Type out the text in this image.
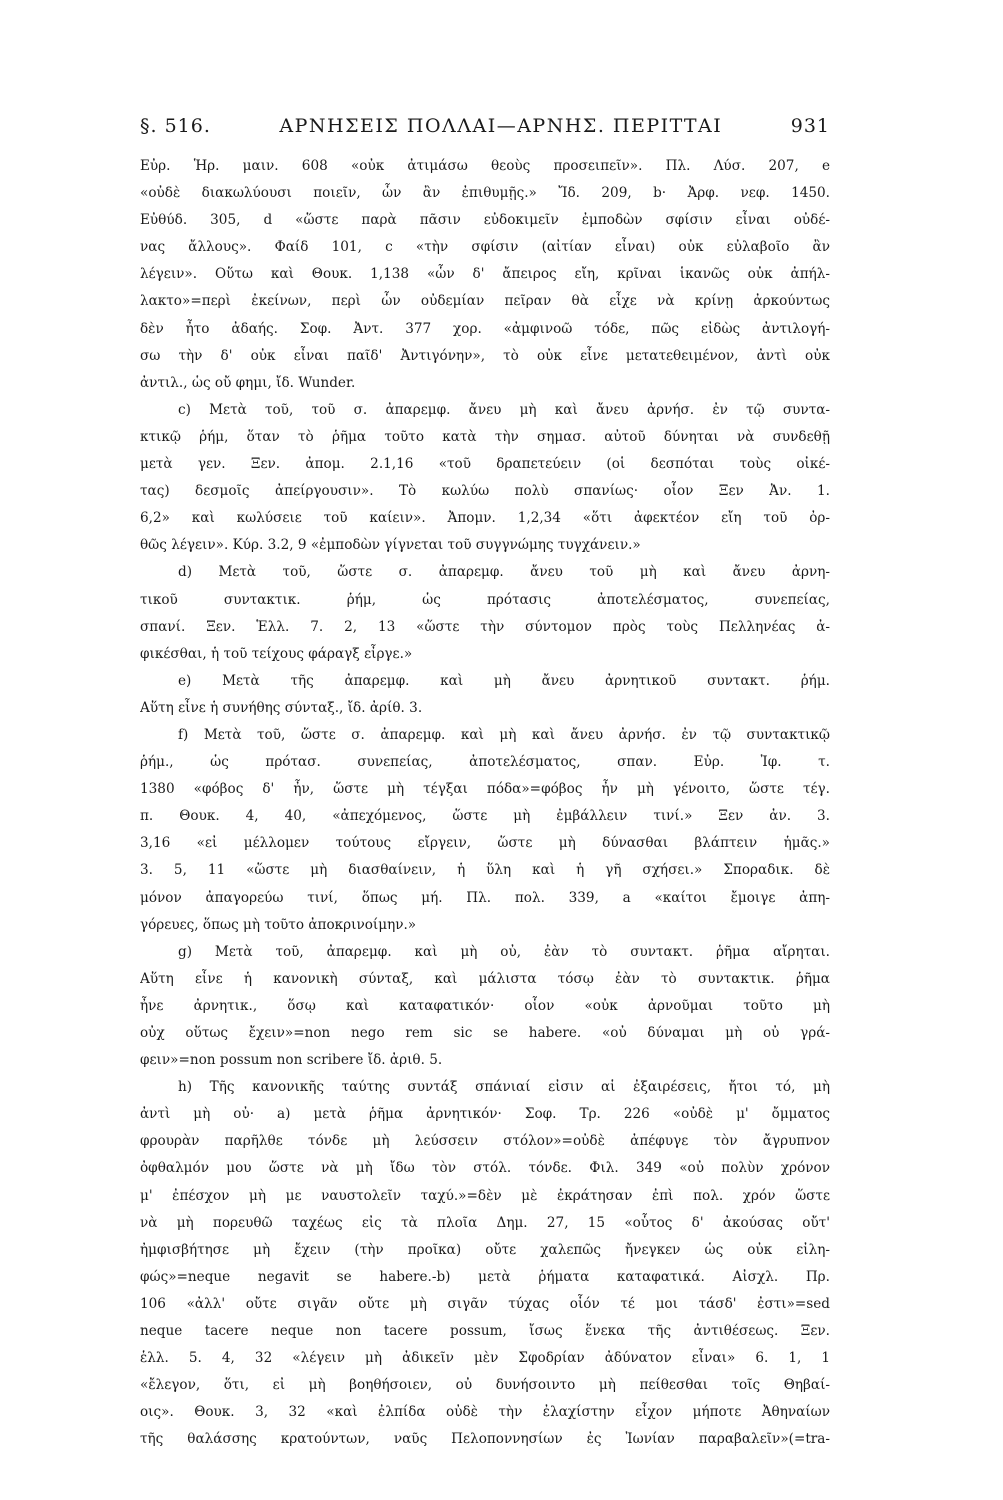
§. 516.	ΑΡΝΗΣΕΙΣ ΠΟΛΛΑΙ—ΑΡΝΗΣ. ΠΕΡΙΤΤΑΙ	931
Εὐρ. Ἡρ. μαιν. 608 «οὐκ ἀτιμάσω θεοὺς προσειπεῖν». Πλ. Λύσ. 207, e
«οὐδὲ διακωλύουσι ποιεῖν, ὧν ἂν ἐπιθυμῇς.» Ἴδ. 209, b· Ἀρφ. νεφ. 1450.
Εὐθύδ. 305, d «ὥστε παρὰ πᾶσιν εὐδοκιμεῖν ἐμποδὼν σφίσιν εἶναι οὐδέ-
νας ἄλλους». Φαίδ 101, c «τὴν σφίσιν (αἰτίαν εἶναι) οὐκ εὐλαβοῖο ἂν
λέγειν». Οὕτω καὶ Θουκ. 1,138 «ὧν δ' ἄπειρος εἴη, κρῖναι ἱκανῶς οὐκ ἀπήλ-
λακτο»=περὶ ἐκείνων, περὶ ὧν οὐδεμίαν πεῖραν θὰ εἶχε νὰ κρίνῃ ἀρκούντως
δὲν ἦτο ἀδαής. Σοφ. Ἀντ. 377 χορ. «ἀμφινοῶ τόδε, πῶς εἰδὼς ἀντιλογή-
σω τὴν δ' οὐκ εἶναι παῖδ' Ἀντιγόνην», τὸ οὐκ εἶνε μετατεθειμένον, ἀντὶ οὐκ
ἀντιλ., ὡς οὔ φημι, ἴδ. Wunder.
c) Μετὰ τοῦ, τοῦ σ. ἀπαρεμφ. ἄνευ μὴ καὶ ἄνευ ἀρνήσ. ἐν τῷ συντα-
κτικῷ ῥήμ, ὅταν τὸ ῥῆμα τοῦτο κατὰ τὴν σημασ. αὐτοῦ δύνηται νὰ συνδεθῇ
μετὰ γεν. Ξεν. ἀπομ. 2.1,16 «τοῦ δραπετεύειν (οἱ δεσπόται τοὺς οἰκέ-
τας) δεσμοῖς ἀπείργουσιν». Τὸ κωλύω πολὺ σπανίως· οἷον Ξεν Ἀν. 1.
6,2» καὶ κωλύσειε τοῦ καίειν». Ἀπομν. 1,2,34 «ὅτι ἀφεκτέον εἴη τοῦ ὀρ-
θῶς λέγειν». Κύρ. 3.2, 9 «ἐμποδὼν γίγνεται τοῦ συγγνώμης τυγχάνειν.»
d) Μετὰ τοῦ, ὥστε σ. ἀπαρεμφ. ἄνευ τοῦ μὴ καὶ ἄνευ ἀρνη-
τικοῦ συντακτικ. ῥήμ, ὡς πρότασις ἀποτελέσματος, συνεπείας,
σπανί. Ξεν. Ἑλλ. 7. 2, 13 «ὥστε τὴν σύντομον πρὸς τοὺς Πελληνέας ἀ-
φικέσθαι, ἡ τοῦ τείχους φάραγξ εἶργε.»
e) Μετὰ τῆς ἀπαρεμφ. καὶ μὴ ἄνευ ἀρνητικοῦ συντακτ. ῥήμ.
Αὕτη εἶνε ἡ συνήθης σύνταξ., ἴδ. ἀρίθ. 3.
f) Μετὰ τοῦ, ὥστε σ. ἀπαρεμφ. καὶ μὴ καὶ ἄνευ ἀρνήσ. ἐν τῷ συντακτικῷ
ῥήμ., ὡς πρότασ. συνεπείας, ἀποτελέσματος, σπαν. Εὐρ. Ἰφ. τ.
1380 «φόβος δ' ἦν, ὥστε μὴ τέγξαι πόδα»=φόβος ἦν μὴ γένοιτο, ὥστε τέγ.
π. Θουκ. 4, 40, «ἀπεχόμενος, ὥστε μὴ ἐμβάλλειν τινί.» Ξεν ἀν. 3.
3,16 «εἰ μέλλομεν τούτους εἴργειν, ὥστε μὴ δύνασθαι βλάπτειν ἡμᾶς.»
3. 5, 11 «ὥστε μὴ διασθαίνειν, ἡ ὕλη καὶ ἡ γῆ σχήσει.» Σποραδικ. δὲ
μόνον ἀπαγορεύω τινί, ὅπως μή. Πλ. πολ. 339, a «καίτοι ἔμοιγε ἀπη-
γόρευες, ὅπως μὴ τοῦτο ἀποκρινοίμην.»
g) Μετὰ τοῦ, ἀπαρεμφ. καὶ μὴ οὐ, ἐὰν τὸ συντακτ. ῥῆμα αἴρηται.
Αὕτη εἶνε ἡ κανονικὴ σύνταξ, καὶ μάλιστα τόσῳ ἐὰν τὸ συντακτικ. ῥῆμα
ἦνε ἀρνητικ., ὅσῳ καὶ καταφατικόν· οἷον «οὐκ ἀρνοῦμαι τοῦτο μὴ
οὐχ οὕτως ἔχειν»=non nego rem sic se habere. «οὐ δύναμαι μὴ οὐ γρά-
φειν»=non possum non scribere ἴδ. ἀριθ. 5.
h) Τῆς κανονικῆς ταύτης συντάξ σπάνιαί εἰσιν αἱ ἐξαιρέσεις, ἤτοι τό, μὴ
ἀντὶ μὴ οὐ· a) μετὰ ῥῆμα ἀρνητικόν· Σοφ. Τρ. 226 «οὐδὲ μ' ὄμματος
φρουρὰν παρῆλθε τόνδε μὴ λεύσσειν στόλον»=οὐδὲ ἀπέφυγε τὸν ἄγρυπνον
ὀφθαλμόν μου ὥστε νὰ μὴ ἴδω τὸν στόλ. τόνδε. Φιλ. 349 «οὐ πολὺν χρόνον
μ' ἐπέσχον μὴ με ναυστολεῖν ταχύ.»=δὲν μὲ ἐκράτησαν ἐπὶ πολ. χρόν ὥστε
νὰ μὴ πορευθῶ ταχέως εἰς τὰ πλοῖα Δημ. 27, 15 «οὗτος δ' ἀκούσας οὔτ'
ἠμφισβήτησε μὴ ἔχειν (τὴν προῖκα) οὔτε χαλεπῶς ἤνεγκεν ὡς οὐκ εἰλη-
φώς»=neque negavit se habere.-b) μετὰ ῥήματα καταφατικά. Αἰσχλ. Πρ.
106 «ἀλλ' οὔτε σιγᾶν οὔτε μὴ σιγᾶν τύχας οἷόν τέ μοι τάσδ' ἐστι»=sed
neque tacere neque non tacere possum, ἴσως ἕνεκα τῆς ἀντιθέσεως. Ξεν.
ἑλλ. 5. 4, 32 «λέγειν μὴ ἀδικεῖν μὲν Σφοδρίαν ἀδύνατον εἶναι» 6. 1, 1
«ἔλεγον, ὅτι, εἰ μὴ βοηθήσοιεν, οὐ δυνήσοιντο μὴ πείθεσθαι τοῖς Θηβαί-
οις». Θουκ. 3, 32 «καὶ ἐλπίδα οὐδὲ τὴν ἐλαχίστην εἶχον μήποτε Ἀθηναίων
τῆς θαλάσσης κρατούντων, ναῦς Πελοποννησίων ἐς Ἰωνίαν παραβαλεῖν»(=tra-
